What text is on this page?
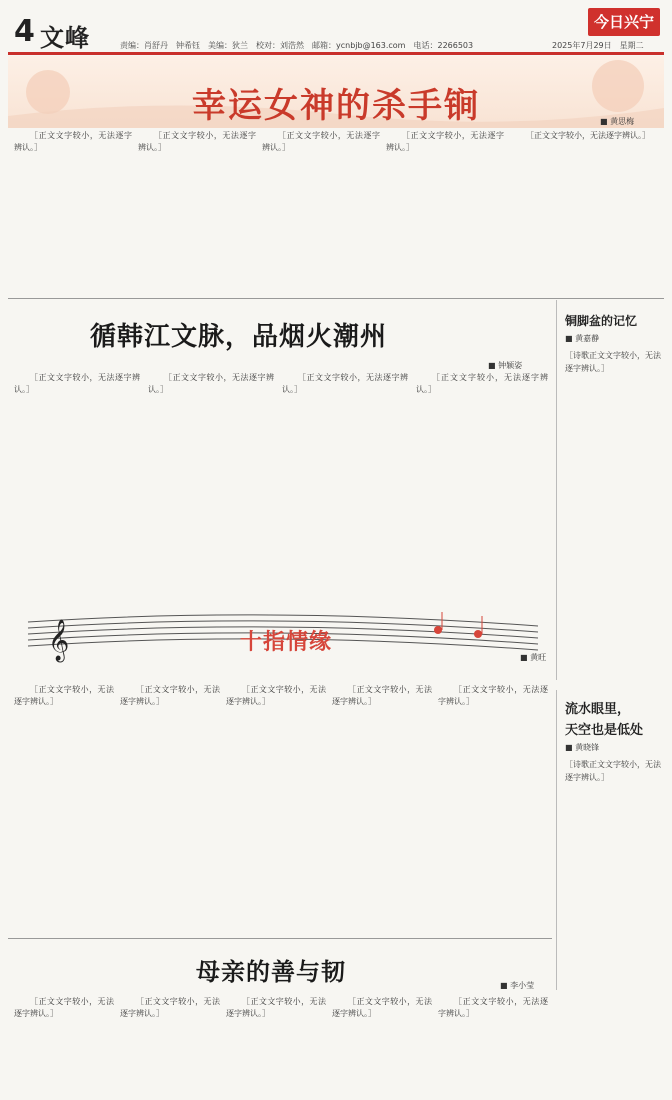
4 文峰	责编：肖舒丹　钟希钰　美编：狄兰　校对：刘浩然　邮箱：ycnbjb@163.com　电话：2266503
今日兴宁
2025年7月29日　星期二
幸运女神的杀手锏	■ 黄思梅

［正文文字较小，无法逐字辨认。］

［正文文字较小，无法逐字辨认。］

［正文文字较小，无法逐字辨认。］

［正文文字较小，无法逐字辨认。］

［正文文字较小，无法逐字辨认。］

循韩江文脉，品烟火潮州
■ 钟颖姿

［正文文字较小，无法逐字辨认。］

［正文文字较小，无法逐字辨认。］

［正文文字较小，无法逐字辨认。］

［正文文字较小，无法逐字辨认。］

铜脚盆的记忆
■ 黄嘉静
［诗歌正文文字较小，无法逐字辨认。］
𝄞	十指情缘
■ 黄旺

［正文文字较小，无法逐字辨认。］

［正文文字较小，无法逐字辨认。］

［正文文字较小，无法逐字辨认。］

［正文文字较小，无法逐字辨认。］

［正文文字较小，无法逐字辨认。］

流水眼里，
天空也是低处
■ 黄晓锋
［诗歌正文文字较小，无法逐字辨认。］
母亲的善与韧	■ 李小莹

［正文文字较小，无法逐字辨认。］

［正文文字较小，无法逐字辨认。］

［正文文字较小，无法逐字辨认。］

［正文文字较小，无法逐字辨认。］

［正文文字较小，无法逐字辨认。］
